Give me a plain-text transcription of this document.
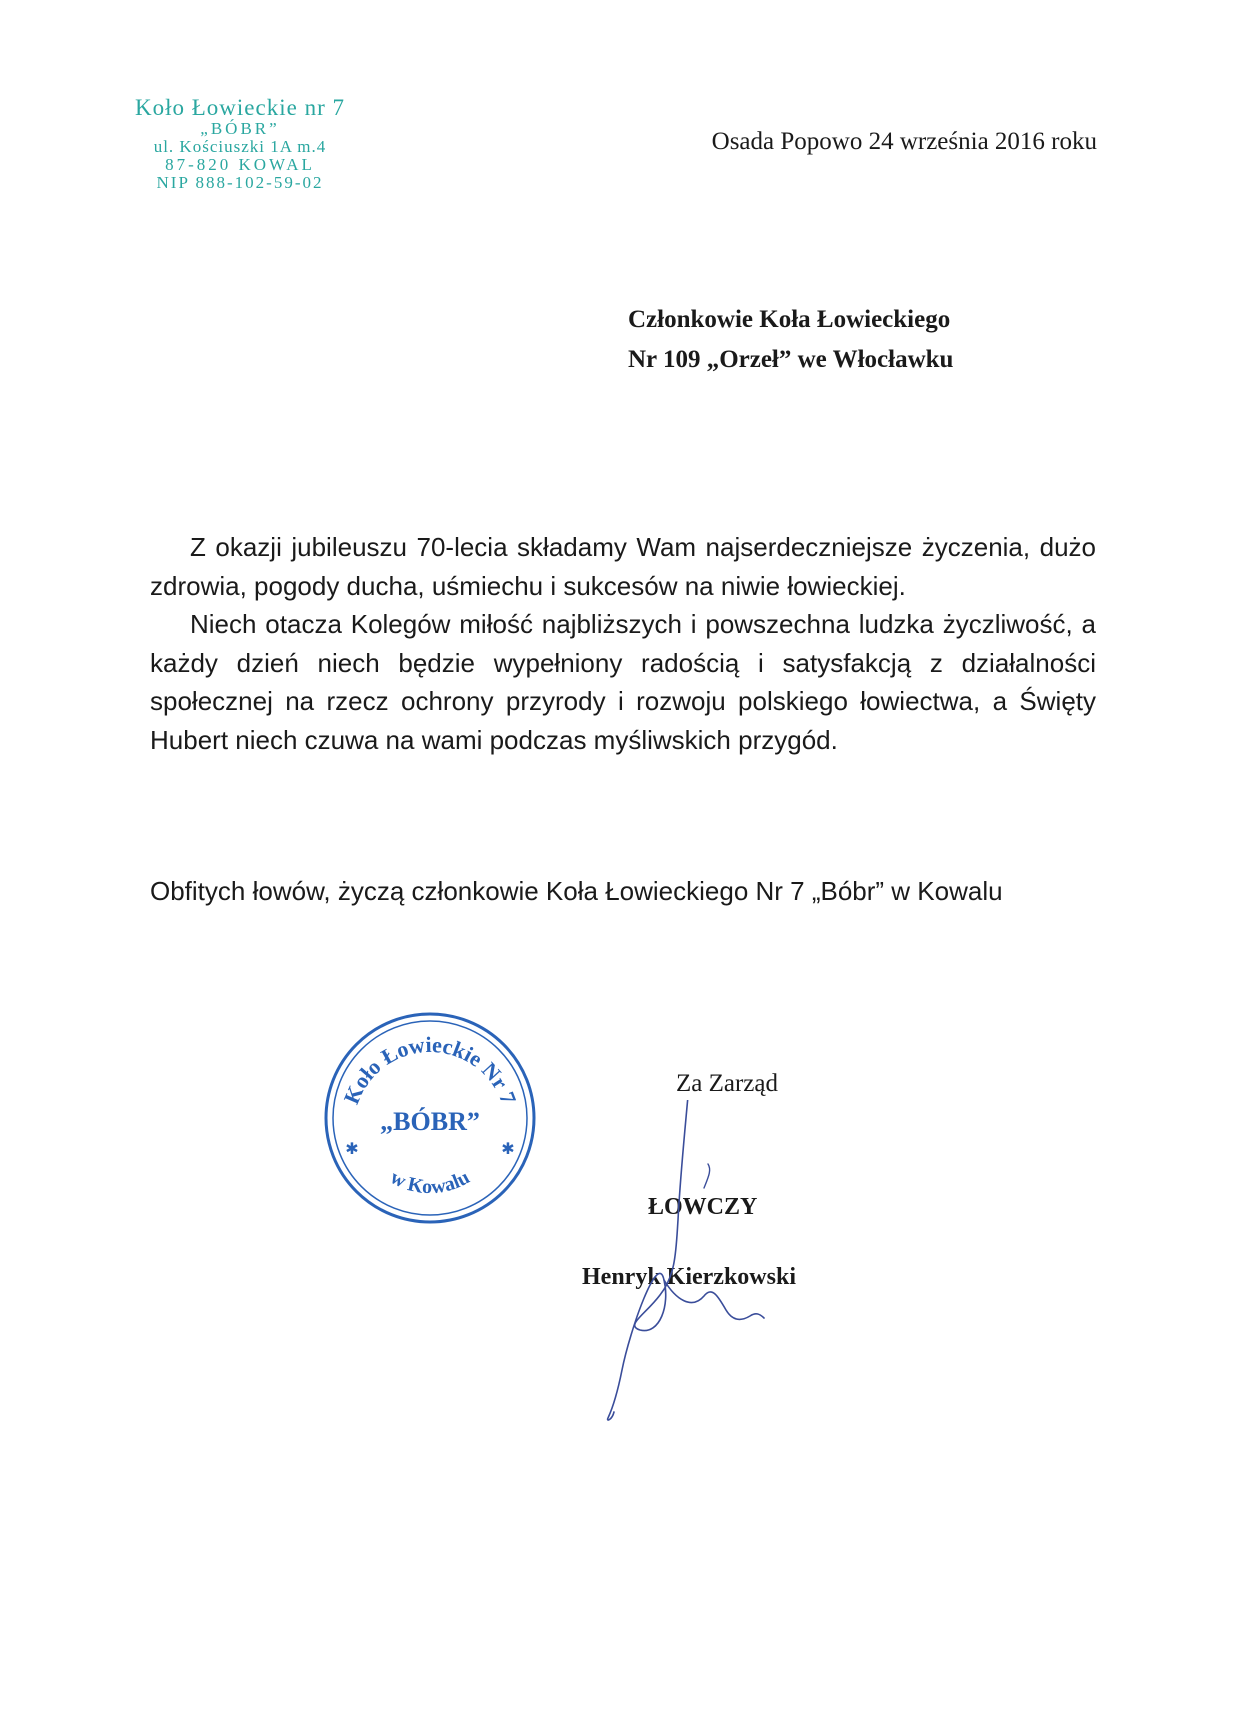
Koło Łowieckie nr 7
„BÓBR”
ul. Kościuszki 1A m.4
87-820 KOWAL
NIP 888-102-59-02
Osada Popowo 24 września 2016 roku
Członkowie Koła Łowieckiego
Nr 109 „Orzeł” we Włocławku

Z okazji jubileuszu 70-lecia składamy Wam najserdeczniejsze życzenia, dużo zdrowia, pogody ducha, uśmiechu i sukcesów na niwie łowieckiej.

Niech otacza Kolegów miłość najbliższych i powszechna ludzka życzliwość, a każdy dzień niech będzie wypełniony radością i satysfakcją z działalności społecznej na rzecz ochrony przyrody i rozwoju polskiego łowiectwa, a Święty Hubert niech czuwa na wami podczas myśliwskich przygód.

Obfitych łowów, życzą członkowie Koła Łowieckiego Nr 7 „Bóbr” w Kowalu

Koło Łowieckie Nr 7
„BÓBR”
w Kowalu
✱	✱
Za Zarząd
ŁOWCZY
Henryk Kierzkowski
